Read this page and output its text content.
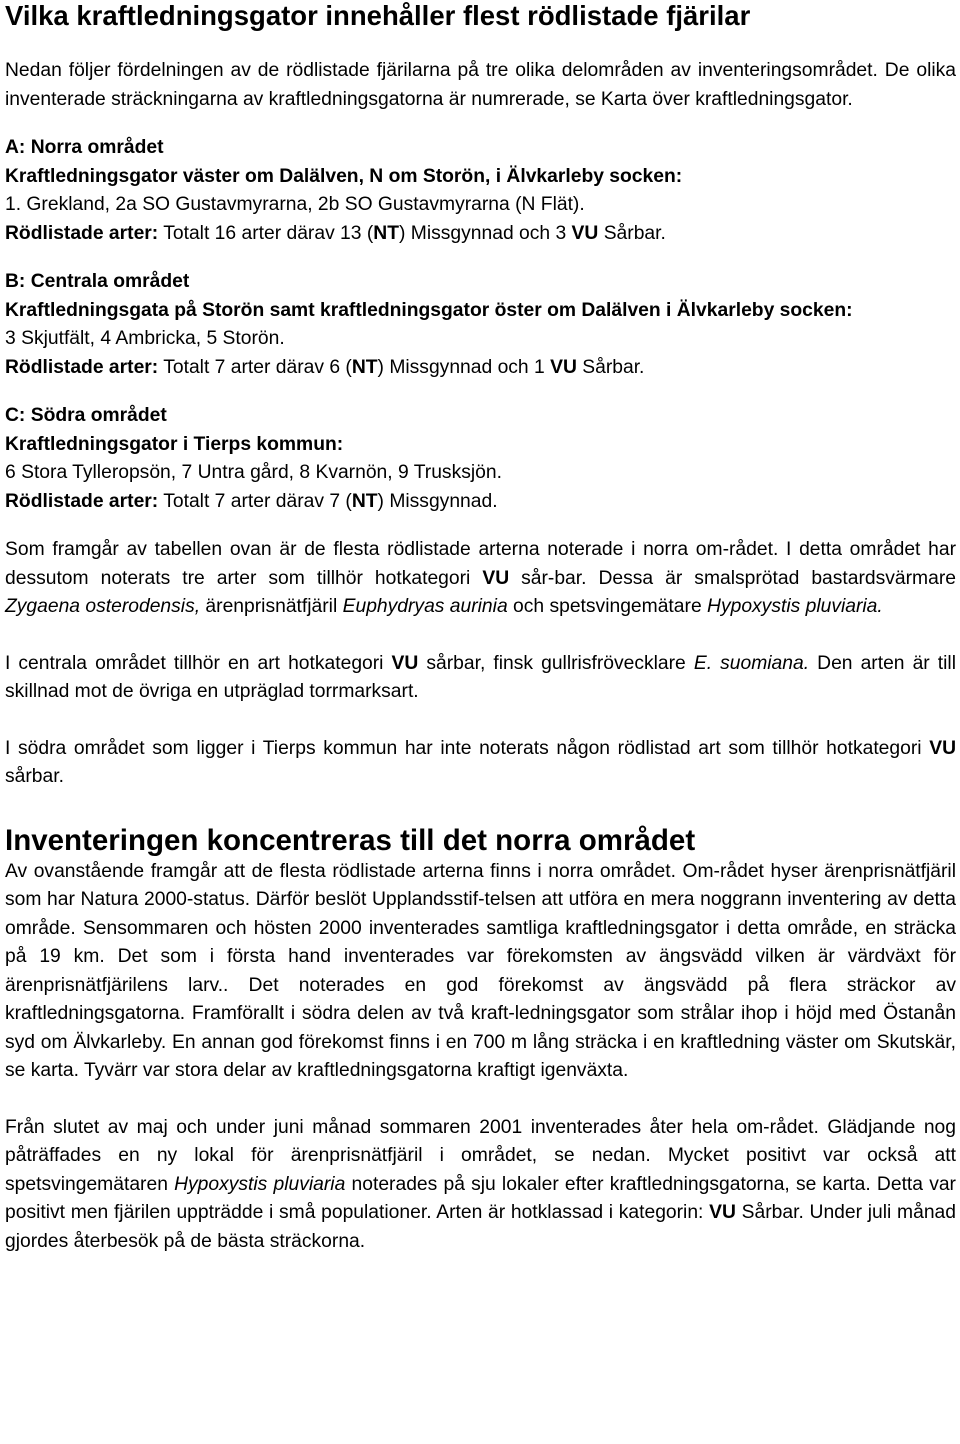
Vilka kraftledningsgator innehåller flest rödlistade fjärilar

Nedan följer fördelningen av de rödlistade fjärilarna på tre olika delområden av inventeringsområdet. De olika inventerade sträckningarna av kraftledningsgatorna är numrerade, se Karta över kraftledningsgator.

A: Norra området
Kraftledningsgator väster om Dalälven, N om Storön, i Älvkarleby socken:
1. Grekland, 2a SO Gustavmyrarna, 2b SO Gustavmyrarna (N Flät).
Rödlistade arter: Totalt 16 arter därav 13 (NT) Missgynnad och 3 VU Sårbar.
B: Centrala området
Kraftledningsgata på Storön samt kraftledningsgator öster om Dalälven i Älvkarleby socken:
3 Skjutfält, 4 Ambricka, 5 Storön.
Rödlistade arter: Totalt 7 arter därav 6 (NT) Missgynnad och 1 VU Sårbar.
C: Södra området
Kraftledningsgator i Tierps kommun:
6 Stora Tylleropsön, 7 Untra gård, 8 Kvarnön, 9 Trusksjön.
Rödlistade arter: Totalt 7 arter därav 7 (NT) Missgynnad.

Som framgår av tabellen ovan är de flesta rödlistade arterna noterade i norra om-rådet. I detta området har dessutom noterats tre arter som tillhör hotkategori VU sår-bar. Dessa är smalsprötad bastardsvärmare Zygaena osterodensis, ärenprisnätfjäril Euphydryas aurinia och spetsvingemätare Hypoxystis pluviaria.

I centrala området tillhör en art hotkategori VU sårbar, finsk gullrisfrövecklare E. suomiana. Den arten är till skillnad mot de övriga en utpräglad torrmarksart.

I södra området som ligger i Tierps kommun har inte noterats någon rödlistad art som tillhör hotkategori VU sårbar.

Inventeringen koncentreras till det norra området

Av ovanstående framgår att de flesta rödlistade arterna finns i norra området. Om-rådet hyser ärenprisnätfjäril som har Natura 2000-status. Därför beslöt Upplandsstif-telsen att utföra en mera noggrann inventering av detta område. Sensommaren och hösten 2000 inventerades samtliga kraftledningsgator i detta område, en sträcka på 19 km. Det som i första hand inventerades var förekomsten av ängsvädd vilken är värdväxt för ärenprisnätfjärilens larv.. Det noterades en god förekomst av ängsvädd på flera sträckor av kraftledningsgatorna. Framförallt i södra delen av två kraft-ledningsgator som strålar ihop i höjd med Östanån syd om Älvkarleby. En annan god förekomst finns i en 700 m lång sträcka i en kraftledning väster om Skutskär, se karta. Tyvärr var stora delar av kraftledningsgatorna kraftigt igenväxta.

Från slutet av maj och under juni månad sommaren 2001 inventerades åter hela om-rådet. Glädjande nog påträffades en ny lokal för ärenprisnätfjäril i området, se nedan. Mycket positivt var också att spetsvingemätaren Hypoxystis pluviaria noterades på sju lokaler efter kraftledningsgatorna, se karta. Detta var positivt men fjärilen uppträdde i små populationer. Arten är hotklassad i kategorin: VU Sårbar. Under juli månad gjordes återbesök på de bästa sträckorna.
